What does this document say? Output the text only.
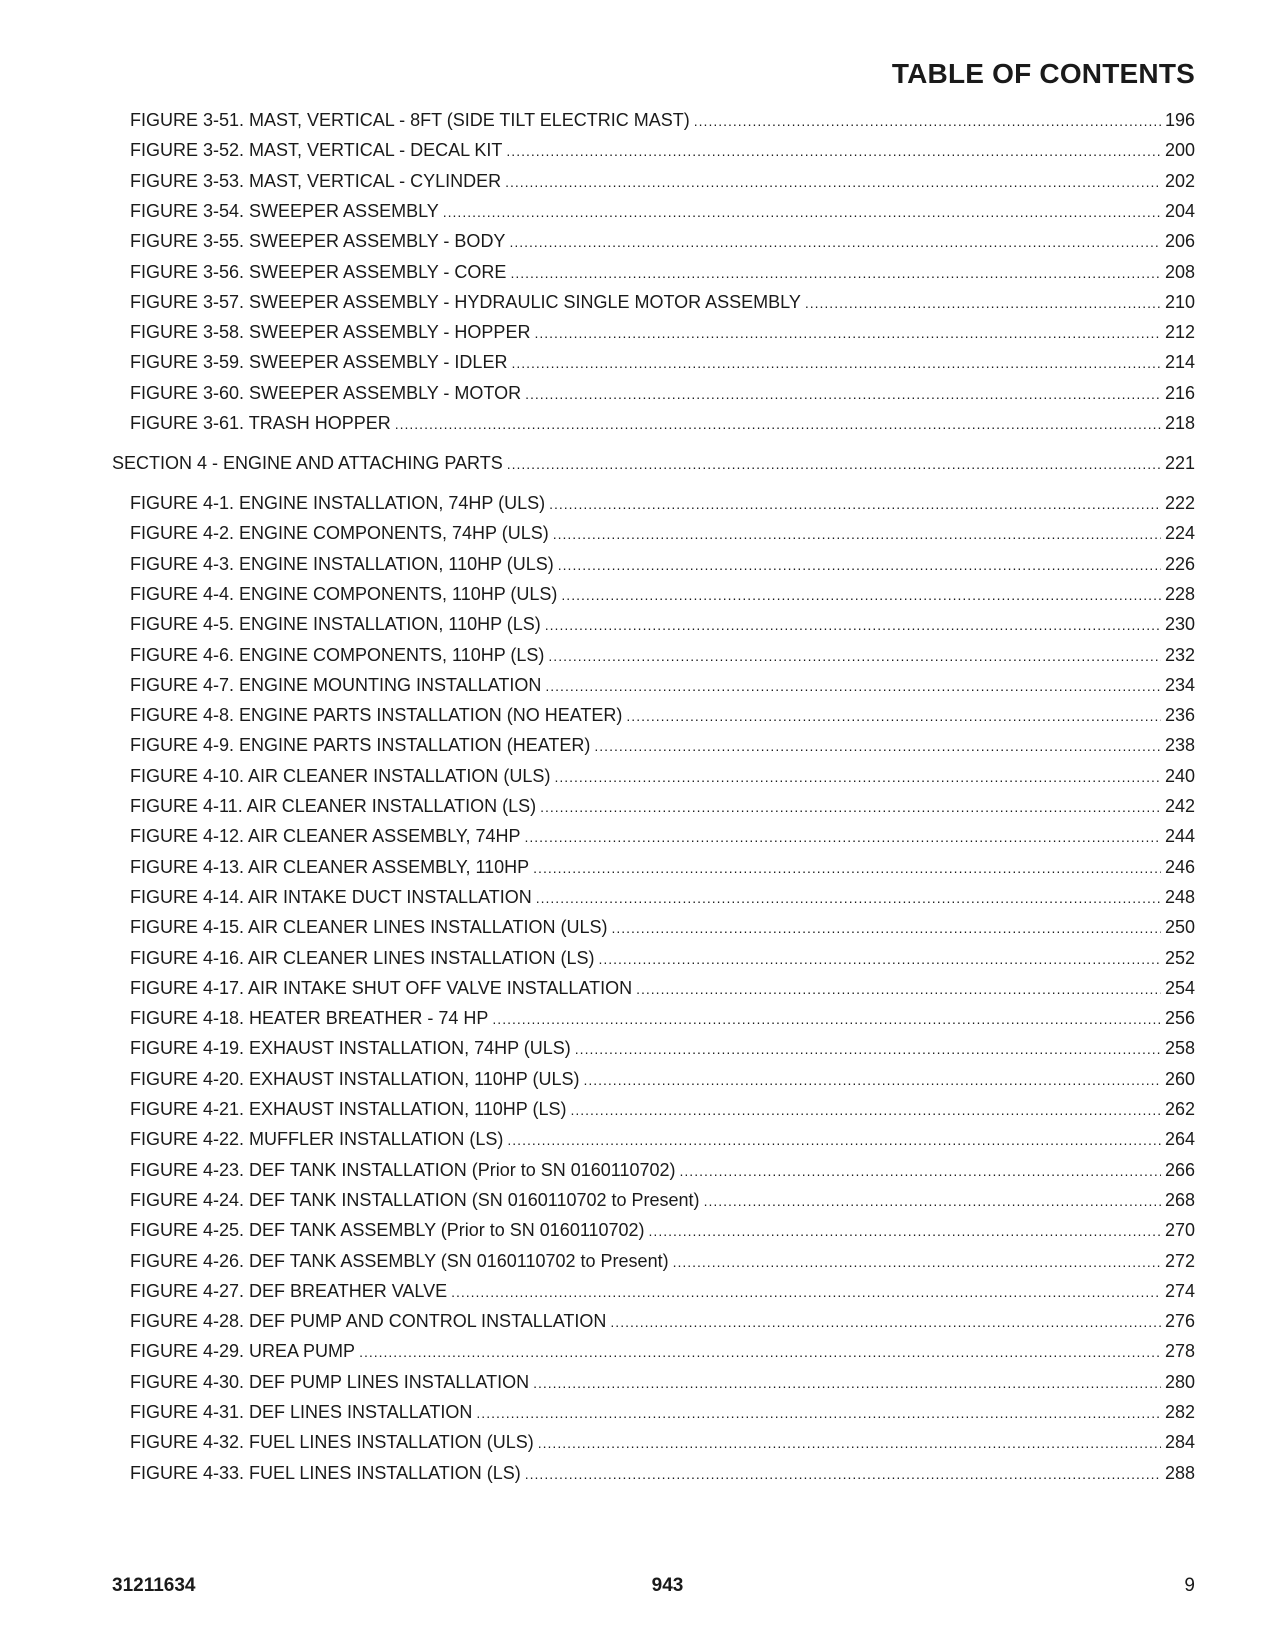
TABLE OF CONTENTS
FIGURE 3-51. MAST, VERTICAL - 8FT (SIDE TILT ELECTRIC MAST) .....	196
FIGURE 3-52. MAST, VERTICAL - DECAL KIT .....	200
FIGURE 3-53. MAST, VERTICAL - CYLINDER .....	202
FIGURE 3-54. SWEEPER ASSEMBLY .....	204
FIGURE 3-55. SWEEPER ASSEMBLY - BODY .....	206
FIGURE 3-56. SWEEPER ASSEMBLY - CORE .....	208
FIGURE 3-57. SWEEPER ASSEMBLY - HYDRAULIC SINGLE MOTOR ASSEMBLY .....	210
FIGURE 3-58. SWEEPER ASSEMBLY - HOPPER .....	212
FIGURE 3-59. SWEEPER ASSEMBLY - IDLER .....	214
FIGURE 3-60. SWEEPER ASSEMBLY - MOTOR .....	216
FIGURE 3-61. TRASH HOPPER .....	218
SECTION 4 - ENGINE AND ATTACHING PARTS .....	221
FIGURE 4-1. ENGINE INSTALLATION, 74HP (ULS) .....	222
FIGURE 4-2. ENGINE COMPONENTS, 74HP (ULS) .....	224
FIGURE 4-3. ENGINE INSTALLATION, 110HP (ULS) .....	226
FIGURE 4-4. ENGINE COMPONENTS, 110HP (ULS) .....	228
FIGURE 4-5. ENGINE INSTALLATION, 110HP (LS) .....	230
FIGURE 4-6. ENGINE COMPONENTS, 110HP (LS) .....	232
FIGURE 4-7. ENGINE MOUNTING INSTALLATION .....	234
FIGURE 4-8. ENGINE PARTS INSTALLATION (NO HEATER) .....	236
FIGURE 4-9. ENGINE PARTS INSTALLATION (HEATER) .....	238
FIGURE 4-10. AIR CLEANER INSTALLATION (ULS) .....	240
FIGURE 4-11. AIR CLEANER INSTALLATION (LS) .....	242
FIGURE 4-12. AIR CLEANER ASSEMBLY, 74HP .....	244
FIGURE 4-13. AIR CLEANER ASSEMBLY, 110HP .....	246
FIGURE 4-14. AIR INTAKE DUCT INSTALLATION .....	248
FIGURE 4-15. AIR CLEANER LINES INSTALLATION (ULS) .....	250
FIGURE 4-16. AIR CLEANER LINES INSTALLATION (LS) .....	252
FIGURE 4-17. AIR INTAKE SHUT OFF VALVE INSTALLATION .....	254
FIGURE 4-18. HEATER BREATHER - 74 HP .....	256
FIGURE 4-19. EXHAUST INSTALLATION, 74HP (ULS) .....	258
FIGURE 4-20. EXHAUST INSTALLATION, 110HP (ULS) .....	260
FIGURE 4-21. EXHAUST INSTALLATION, 110HP (LS) .....	262
FIGURE 4-22. MUFFLER INSTALLATION (LS) .....	264
FIGURE 4-23. DEF TANK INSTALLATION (Prior to SN 0160110702) .....	266
FIGURE 4-24. DEF TANK INSTALLATION (SN 0160110702 to Present) .....	268
FIGURE 4-25. DEF TANK ASSEMBLY (Prior to SN 0160110702) .....	270
FIGURE 4-26. DEF TANK ASSEMBLY (SN 0160110702 to Present) .....	272
FIGURE 4-27. DEF BREATHER VALVE .....	274
FIGURE 4-28. DEF PUMP AND CONTROL INSTALLATION .....	276
FIGURE 4-29. UREA PUMP .....	278
FIGURE 4-30. DEF PUMP LINES INSTALLATION .....	280
FIGURE 4-31. DEF LINES INSTALLATION .....	282
FIGURE 4-32. FUEL LINES INSTALLATION (ULS) .....	284
FIGURE 4-33. FUEL LINES INSTALLATION (LS) .....	288
31211634	943	9
